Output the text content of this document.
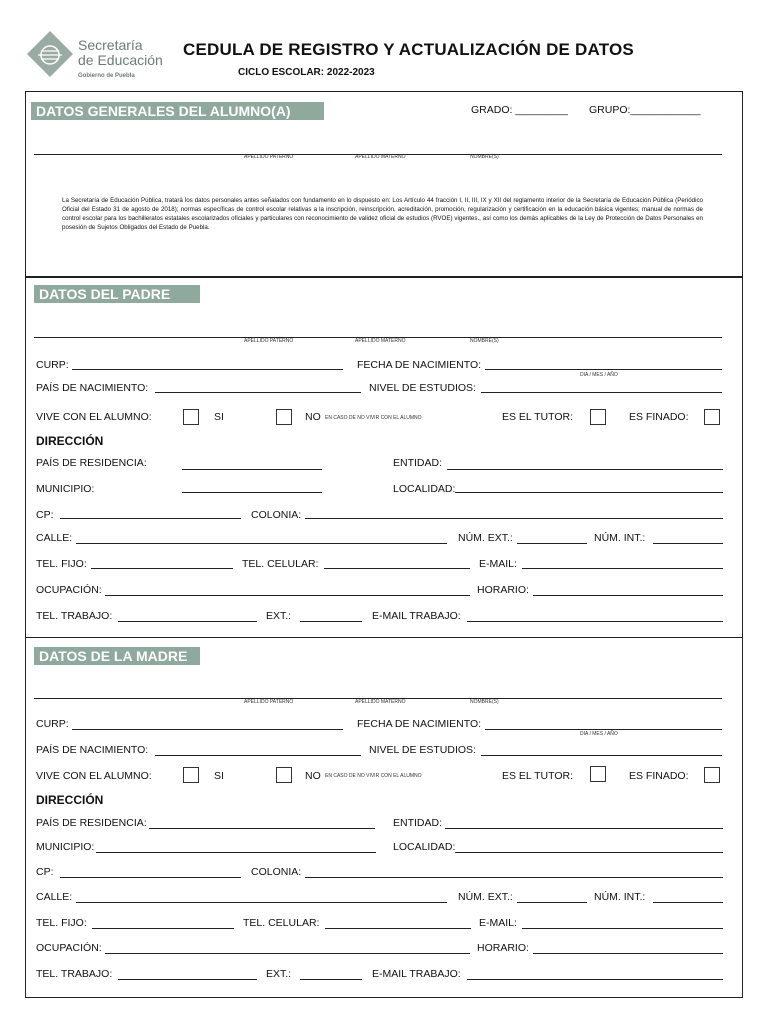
Secretaría
de Educación
Gobierno de Puebla
CEDULA DE REGISTRO Y ACTUALIZACIÓN DE DATOS
CICLO ESCOLAR: 2022-2023
DATOS GENERALES DEL ALUMNO(A)	GRADO: _________ GRUPO:____________
APELLIDO PATERNO	APELLIDO MATERNO	NOMBRE(S)
La Secretaría de Educación Pública, tratará los datos personales antes señalados con fundamento en lo dispuesto en: Los Artículo 44 fracción I, II, III, IX y XII del reglamento interior de la Secretaría de Educación Pública (Periódico Oficial del Estado 31 de agosto de 2018); normas específicas de control escolar relativas a la inscripción, reinscripción, acreditación, promoción, regularización y certificación en la educación básica vigentes; manual de normas de control escolar para los bachilleratos estatales escolarizados oficiales y particulares con reconocimiento de validez oficial de estudios (RVOE) vigentes., así como los demás aplicables de la Ley de Protección de Datos Personales en posesión de Sujetos Obligados del Estado de Puebla.
DATOS DEL PADRE
APELLIDO PATERNO	APELLIDO MATERNO	NOMBRE(S)
CURP:	FECHA DE NACIMIENTO:
DIA / MES / AÑO
PAÍS DE NACIMIENTO:	NIVEL DE ESTUDIOS:
VIVE CON EL ALUMNO:	SI	NO EN CASO DE NO VIVIR CON EL ALUMNO	ES EL TUTOR:	ES FINADO:
DIRECCIÓN
PAÍS DE RESIDENCIA:	ENTIDAD:
MUNICIPIO:	LOCALIDAD:
CP:	COLONIA:
CALLE:	NÚM. EXT.:	NÚM. INT.:
TEL. FIJO:	TEL. CELULAR:	E-MAIL:
OCUPACIÓN:	HORARIO:
TEL. TRABAJO:	EXT.:	E-MAIL TRABAJO:
DATOS DE LA MADRE
APELLIDO PATERNO	APELLIDO MATERNO	NOMBRE(S)
CURP:	FECHA DE NACIMIENTO:
DIA / MES / AÑO
PAÍS DE NACIMIENTO:	NIVEL DE ESTUDIOS:
VIVE CON EL ALUMNO:	SI	NO EN CASO DE NO VIVIR CON EL ALUMNO	ES EL TUTOR:	ES FINADO:
DIRECCIÓN
PAÍS DE RESIDENCIA:	ENTIDAD:
MUNICIPIO:	LOCALIDAD:
CP:	COLONIA:
CALLE:	NÚM. EXT.:	NÚM. INT.:
TEL. FIJO:	TEL. CELULAR:	E-MAIL:
OCUPACIÓN:	HORARIO:
TEL. TRABAJO:	EXT.:	E-MAIL TRABAJO:
